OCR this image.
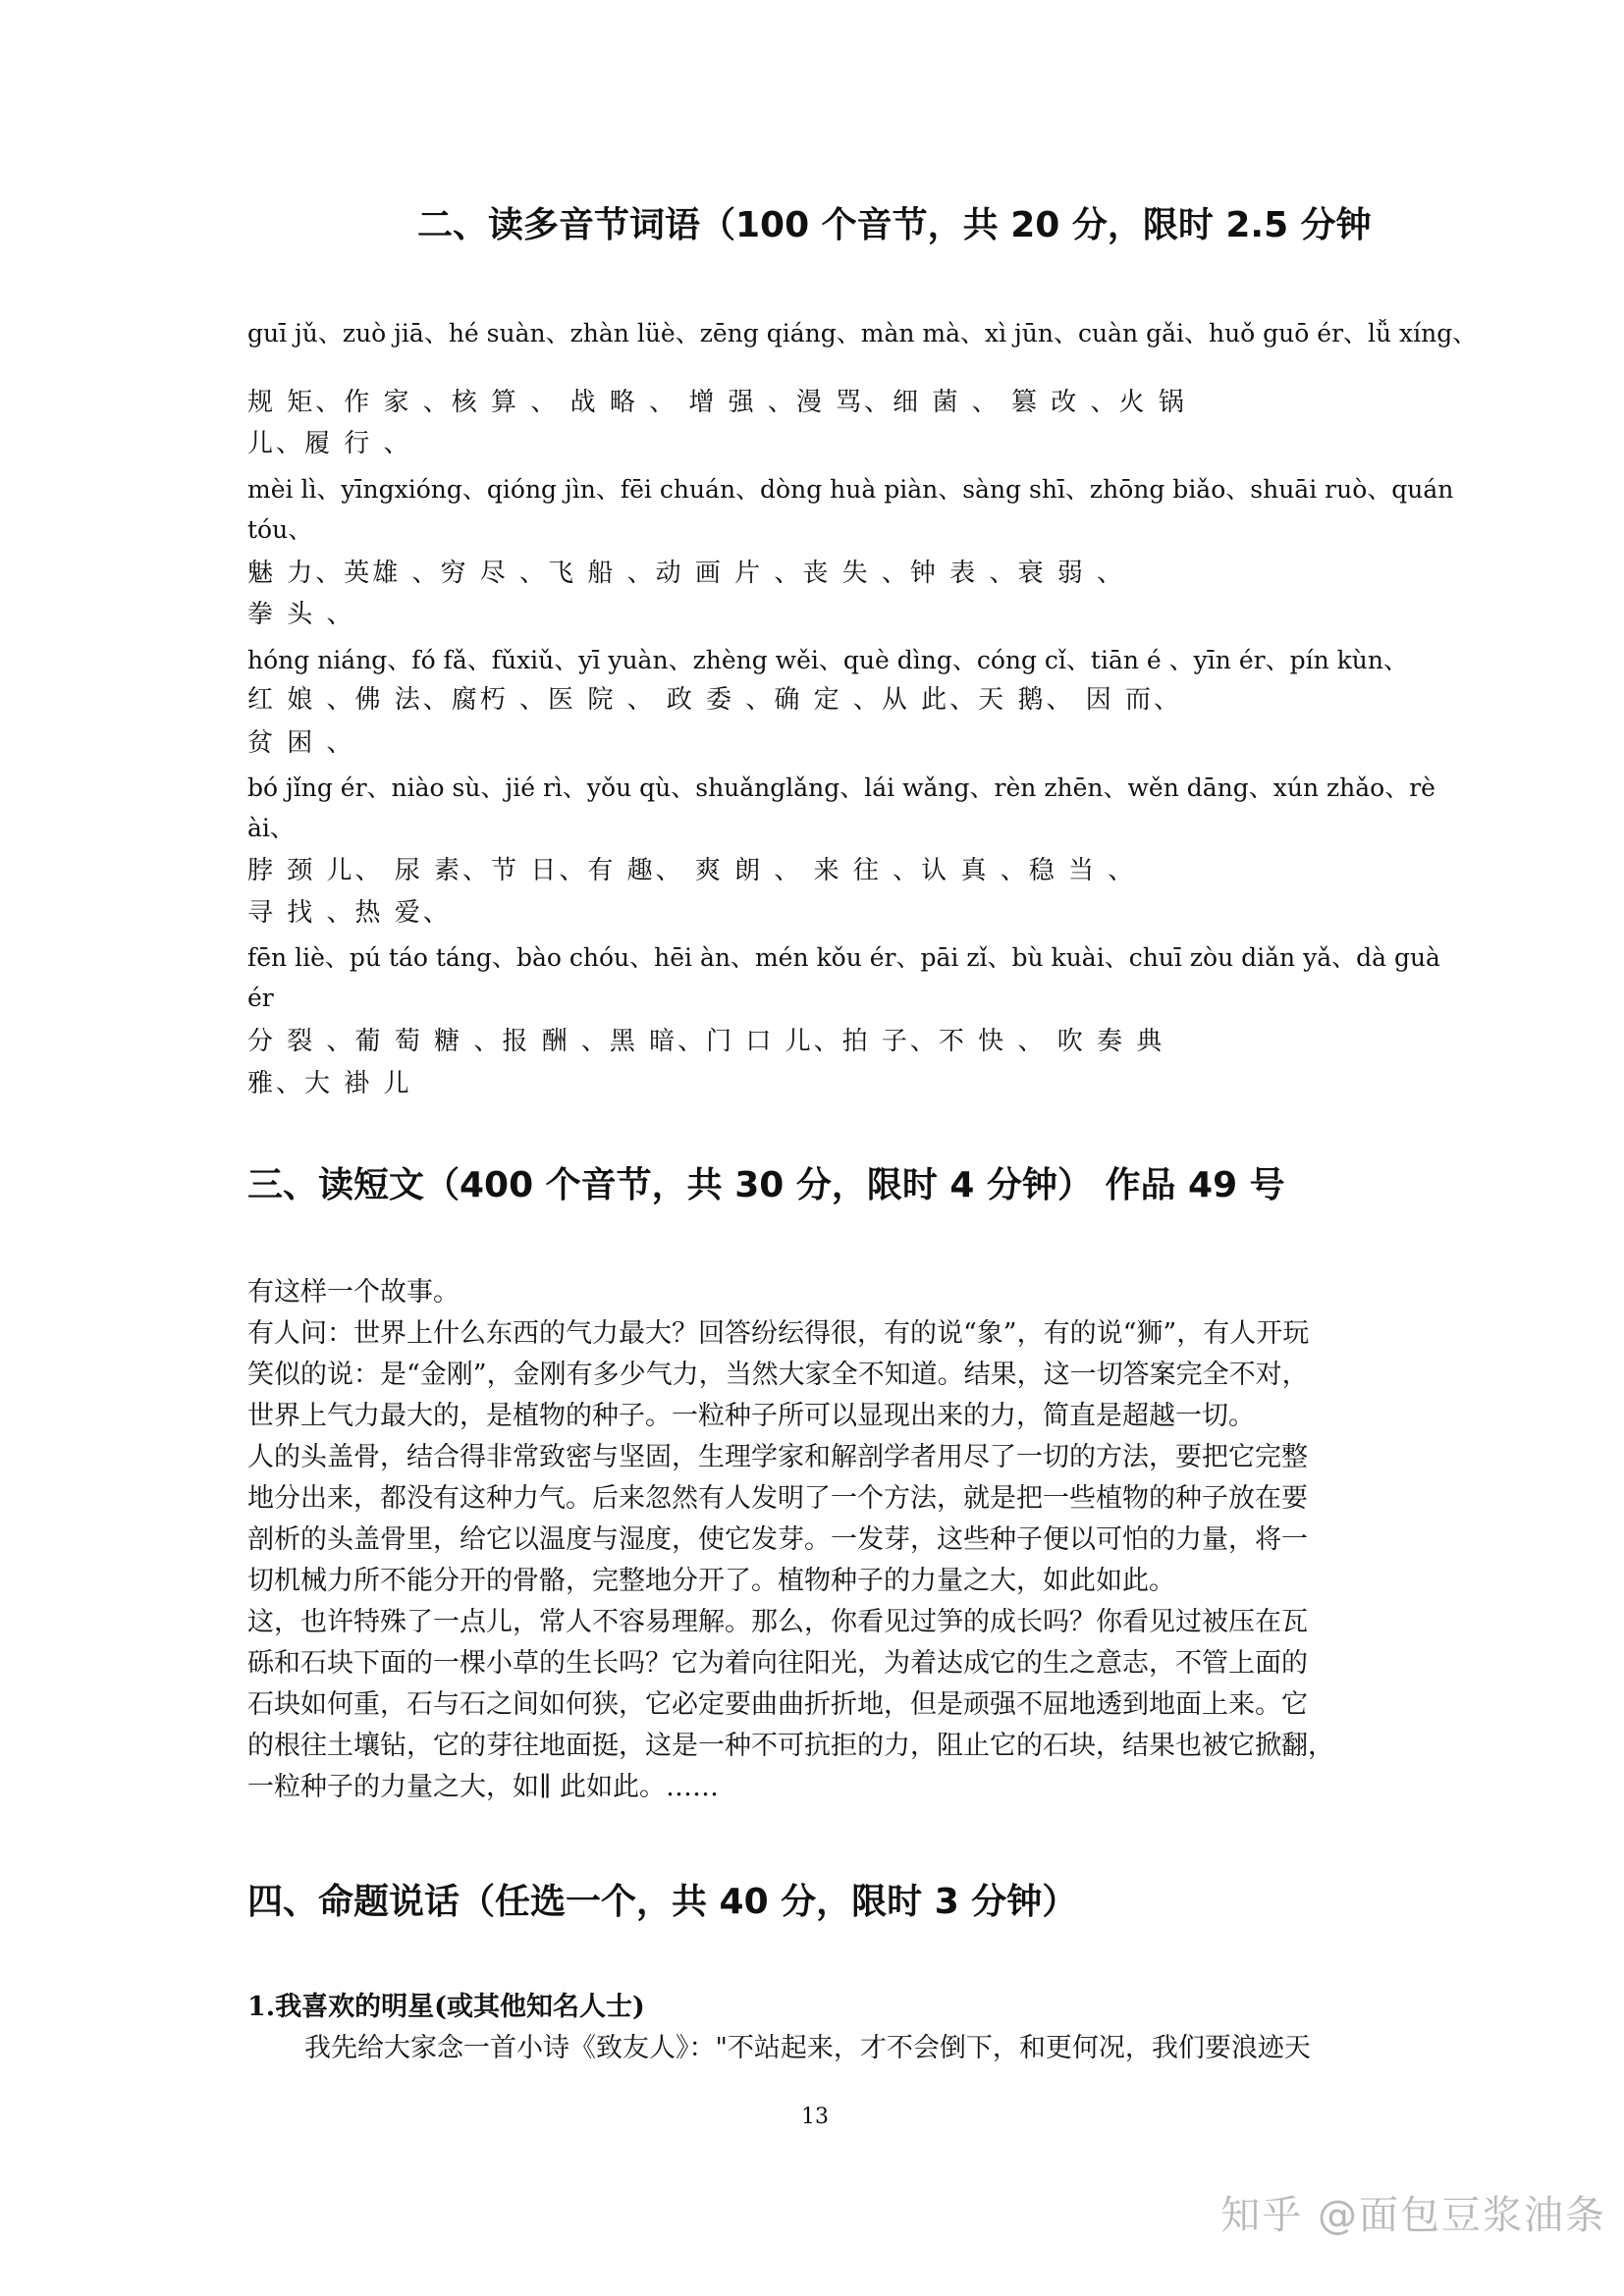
二、读多音节词语（100 个音节，共 20 分，限时 2.5 分钟
guī jǔ、zuò jiā、hé suàn、zhàn lüè、zēng qiáng、màn mà、xì jūn、cuàn gǎi、huǒ guō ér、lǚ xíng、
规 矩、作 家 、核 算 、 战 略 、 增 强 、漫 骂、细 菌 、 篡 改 、火 锅
儿、履 行 、
mèi lì、yīngxióng、qióng jìn、fēi chuán、dòng huà piàn、sàng shī、zhōng biǎo、shuāi ruò、quán
tóu、
魅 力、英雄 、穷 尽 、飞 船 、动 画 片 、丧 失 、钟 表 、衰 弱 、
拳 头 、
hóng niáng、fó fǎ、fǔxiǔ、yī yuàn、zhèng wěi、què dìng、cóng cǐ、tiān é 、yīn ér、pín kùn、
红 娘 、佛 法、腐朽 、医 院 、 政 委 、确 定 、从 此、天 鹅、 因 而、
贫 困 、
bó jǐng ér、niào sù、jié rì、yǒu qù、shuǎnglǎng、lái wǎng、rèn zhēn、wěn dāng、xún zhǎo、rè
ài、
脖 颈 儿、 尿 素、节 日、有 趣、 爽 朗 、 来 往 、认 真 、稳 当 、
寻 找 、热 爱、
fēn liè、pú táo táng、bào chóu、hēi àn、mén kǒu ér、pāi zǐ、bù kuài、chuī zòu diǎn yǎ、dà guà
ér
分 裂 、葡 萄 糖 、报 酬 、黑 暗、门 口 儿、拍 子、不 快 、 吹 奏 典
雅、大 褂 儿
三、读短文（400 个音节，共 30 分，限时 4 分钟） 作品 49 号
有这样一个故事。
有人问：世界上什么东西的气力最大？回答纷纭得很，有的说“象”，有的说“狮”，有人开玩
笑似的说：是“金刚”，金刚有多少气力，当然大家全不知道。结果，这一切答案完全不对，
世界上气力最大的，是植物的种子。一粒种子所可以显现出来的力，简直是超越一切。
人的头盖骨，结合得非常致密与坚固，生理学家和解剖学者用尽了一切的方法，要把它完整
地分出来，都没有这种力气。后来忽然有人发明了一个方法，就是把一些植物的种子放在要
剖析的头盖骨里，给它以温度与湿度，使它发芽。一发芽，这些种子便以可怕的力量，将一
切机械力所不能分开的骨骼，完整地分开了。植物种子的力量之大，如此如此。
这，也许特殊了一点儿，常人不容易理解。那么，你看见过笋的成长吗？你看见过被压在瓦
砾和石块下面的一棵小草的生长吗？它为着向往阳光，为着达成它的生之意志，不管上面的
石块如何重，石与石之间如何狭，它必定要曲曲折折地，但是顽强不屈地透到地面上来。它
的根往土壤钻，它的芽往地面挺，这是一种不可抗拒的力，阻止它的石块，结果也被它掀翻，
一粒种子的力量之大，如∥ 此如此。……
四、命题说话（任选一个，共 40 分，限时 3 分钟）
1.我喜欢的明星(或其他知名人士)
我先给大家念一首小诗《致友人》："不站起来，才不会倒下，和更何况，我们要浪迹天
13
知乎 @面包豆浆油条
